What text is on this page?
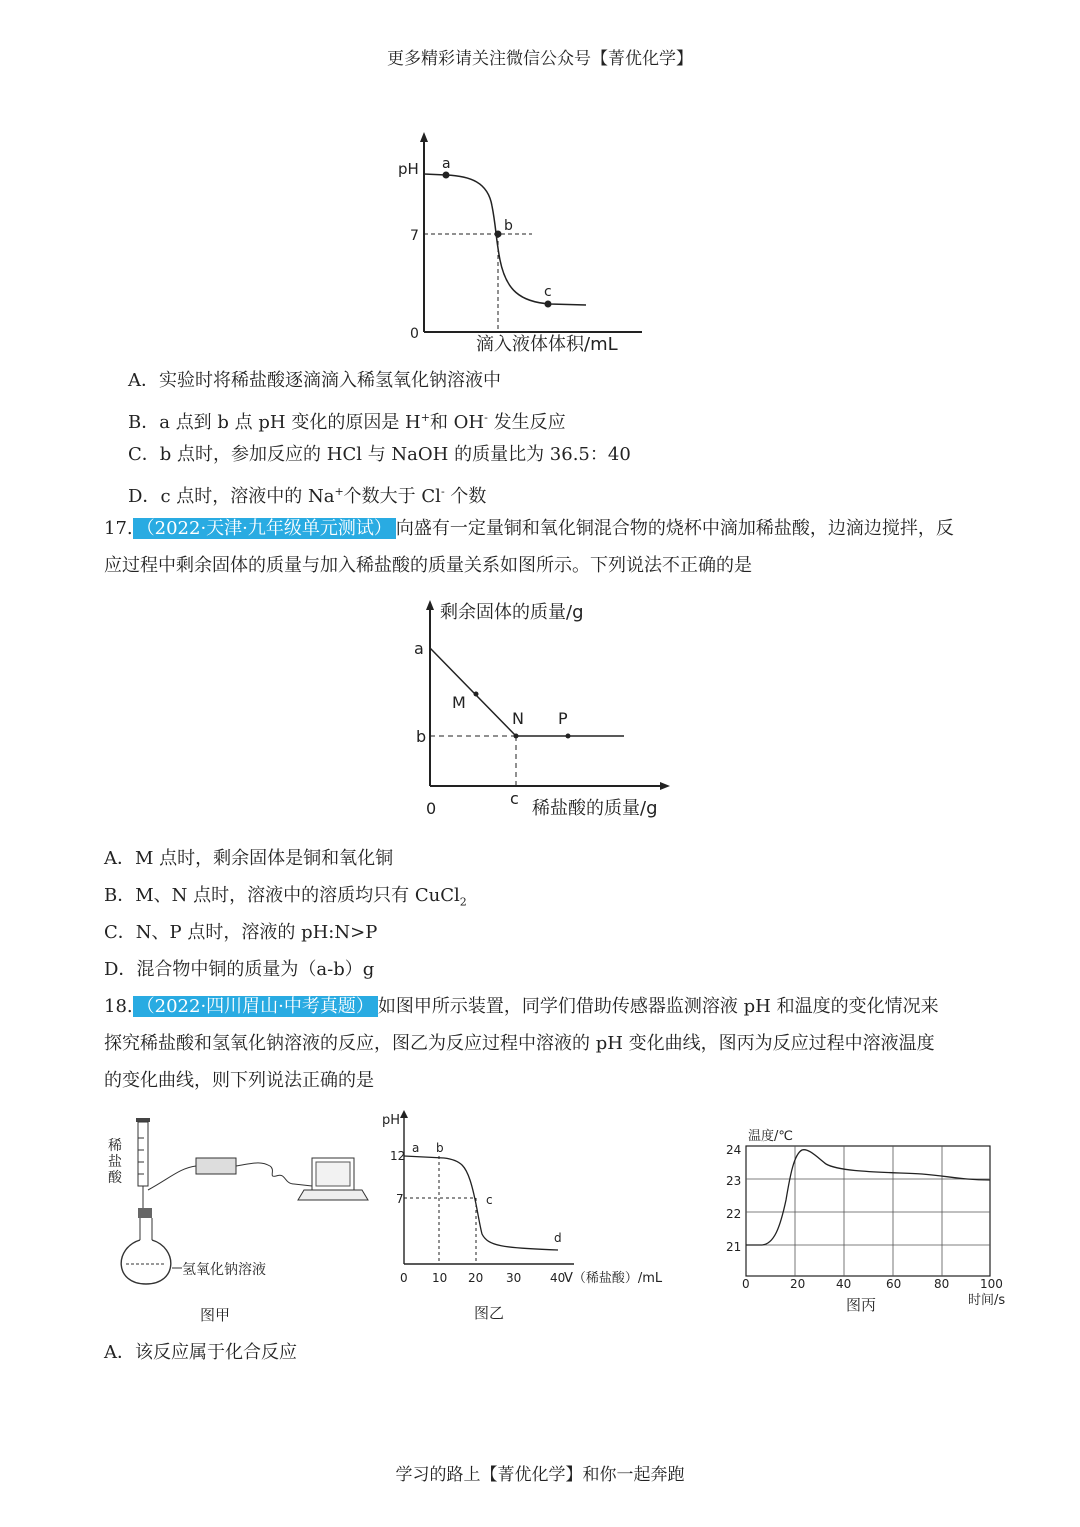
更多精彩请关注微信公众号【菁优化学】
pH
0
7
a
b
c
滴入液体体积/mL
A．实验时将稀盐酸逐滴滴入稀氢氧化钠溶液中
B．a 点到 b 点 pH 变化的原因是 H+和 OH- 发生反应
C．b 点时，参加反应的 HCl 与 NaOH 的质量比为 36.5：40
D．c 点时，溶液中的 Na+个数大于 Cl- 个数
17. （2022·天津·九年级单元测试） 向盛有一定量铜和氧化铜混合物的烧杯中滴加稀盐酸，边滴边搅拌，反
应过程中剩余固体的质量与加入稀盐酸的质量关系如图所示。下列说法不正确的是
剩余固体的质量/g
a
b
0
c 稀盐酸的质量/g
M
N P
A．M 点时，剩余固体是铜和氧化铜
B．M、N 点时，溶液中的溶质均只有 CuCl$_2$
C．N、P 点时，溶液的 pH:N>P
D．混合物中铜的质量为（a-b）g
18. （2022·四川眉山·中考真题） 如图甲所示装置，同学们借助传感器监测溶液 pH 和温度的变化情况来
探究稀盐酸和氢氧化钠溶液的反应，图乙为反应过程中溶液的 pH 变化曲线，图丙为反应过程中溶液温度
的变化曲线，则下列说法正确的是
稀
盐
酸
氢氧化钠溶液
图甲
pH
12
7
0 10 20 30 40
V（稀盐酸）/mL
a b
c
d
图乙
温度/℃
24
23
22
21
0	20	40	60	80	100
时间/s
图丙
A．该反应属于化合反应
学习的路上【菁优化学】和你一起奔跑
